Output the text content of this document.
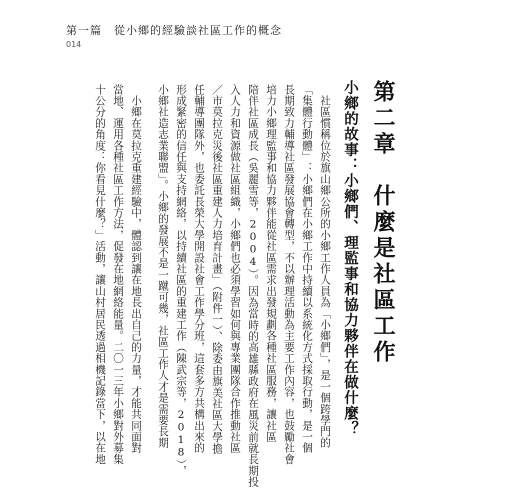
第一篇 從小鄉的經驗談社區工作的概念
014
第二章　什麼是社區工作
小鄉的故事：小鄉們、理監事和協力夥伴在做什麼？
　社區慣稱位於旗山鄉公所的小鄉工作人員為「小鄉們」，是一個跨學門的
「集體行動體」：小鄉們在小鄉工作中持續以系統化方式採取行動，是一個
長期致力輔導社區發展協會轉型，不以辦理活動為主要工作內容，也鼓勵社會
培力小鄉理監事和協力夥伴能從社區需求出發規劃各種社區服務，讓社區
陪伴社區成長（吳麗雪等，2004）。因為當時的高雄縣政府在風災前就長期投
入人力和資源做社區組織，小鄉們也必須學習如何與專業團隊合作推動社區
／市莫拉克災後社區重建人力培育計畫」（附件一）、除委由旗美社區大學擔
任輔導團隊外，也委託長榮大學開設社會工作學分班，這套多方共構出來的
形成緊密的信任與支持網絡，以持續社區的重建工作（陳武宗等，2018），
小鄉社造志業聯盟」。小鄉的發展不是一蹴可幾，社區工作人才是需要長期
　小鄉在莫拉克重建經驗中，體認到讓在地長出自己的力量，才能共同面對
當地、運用各種社區工作方法，促發在地網絡能量。二〇一三年小鄉對外募集
十公分的角度：你看見什麼？」活動，讓山村居民透過相機記錄當下，以在地
